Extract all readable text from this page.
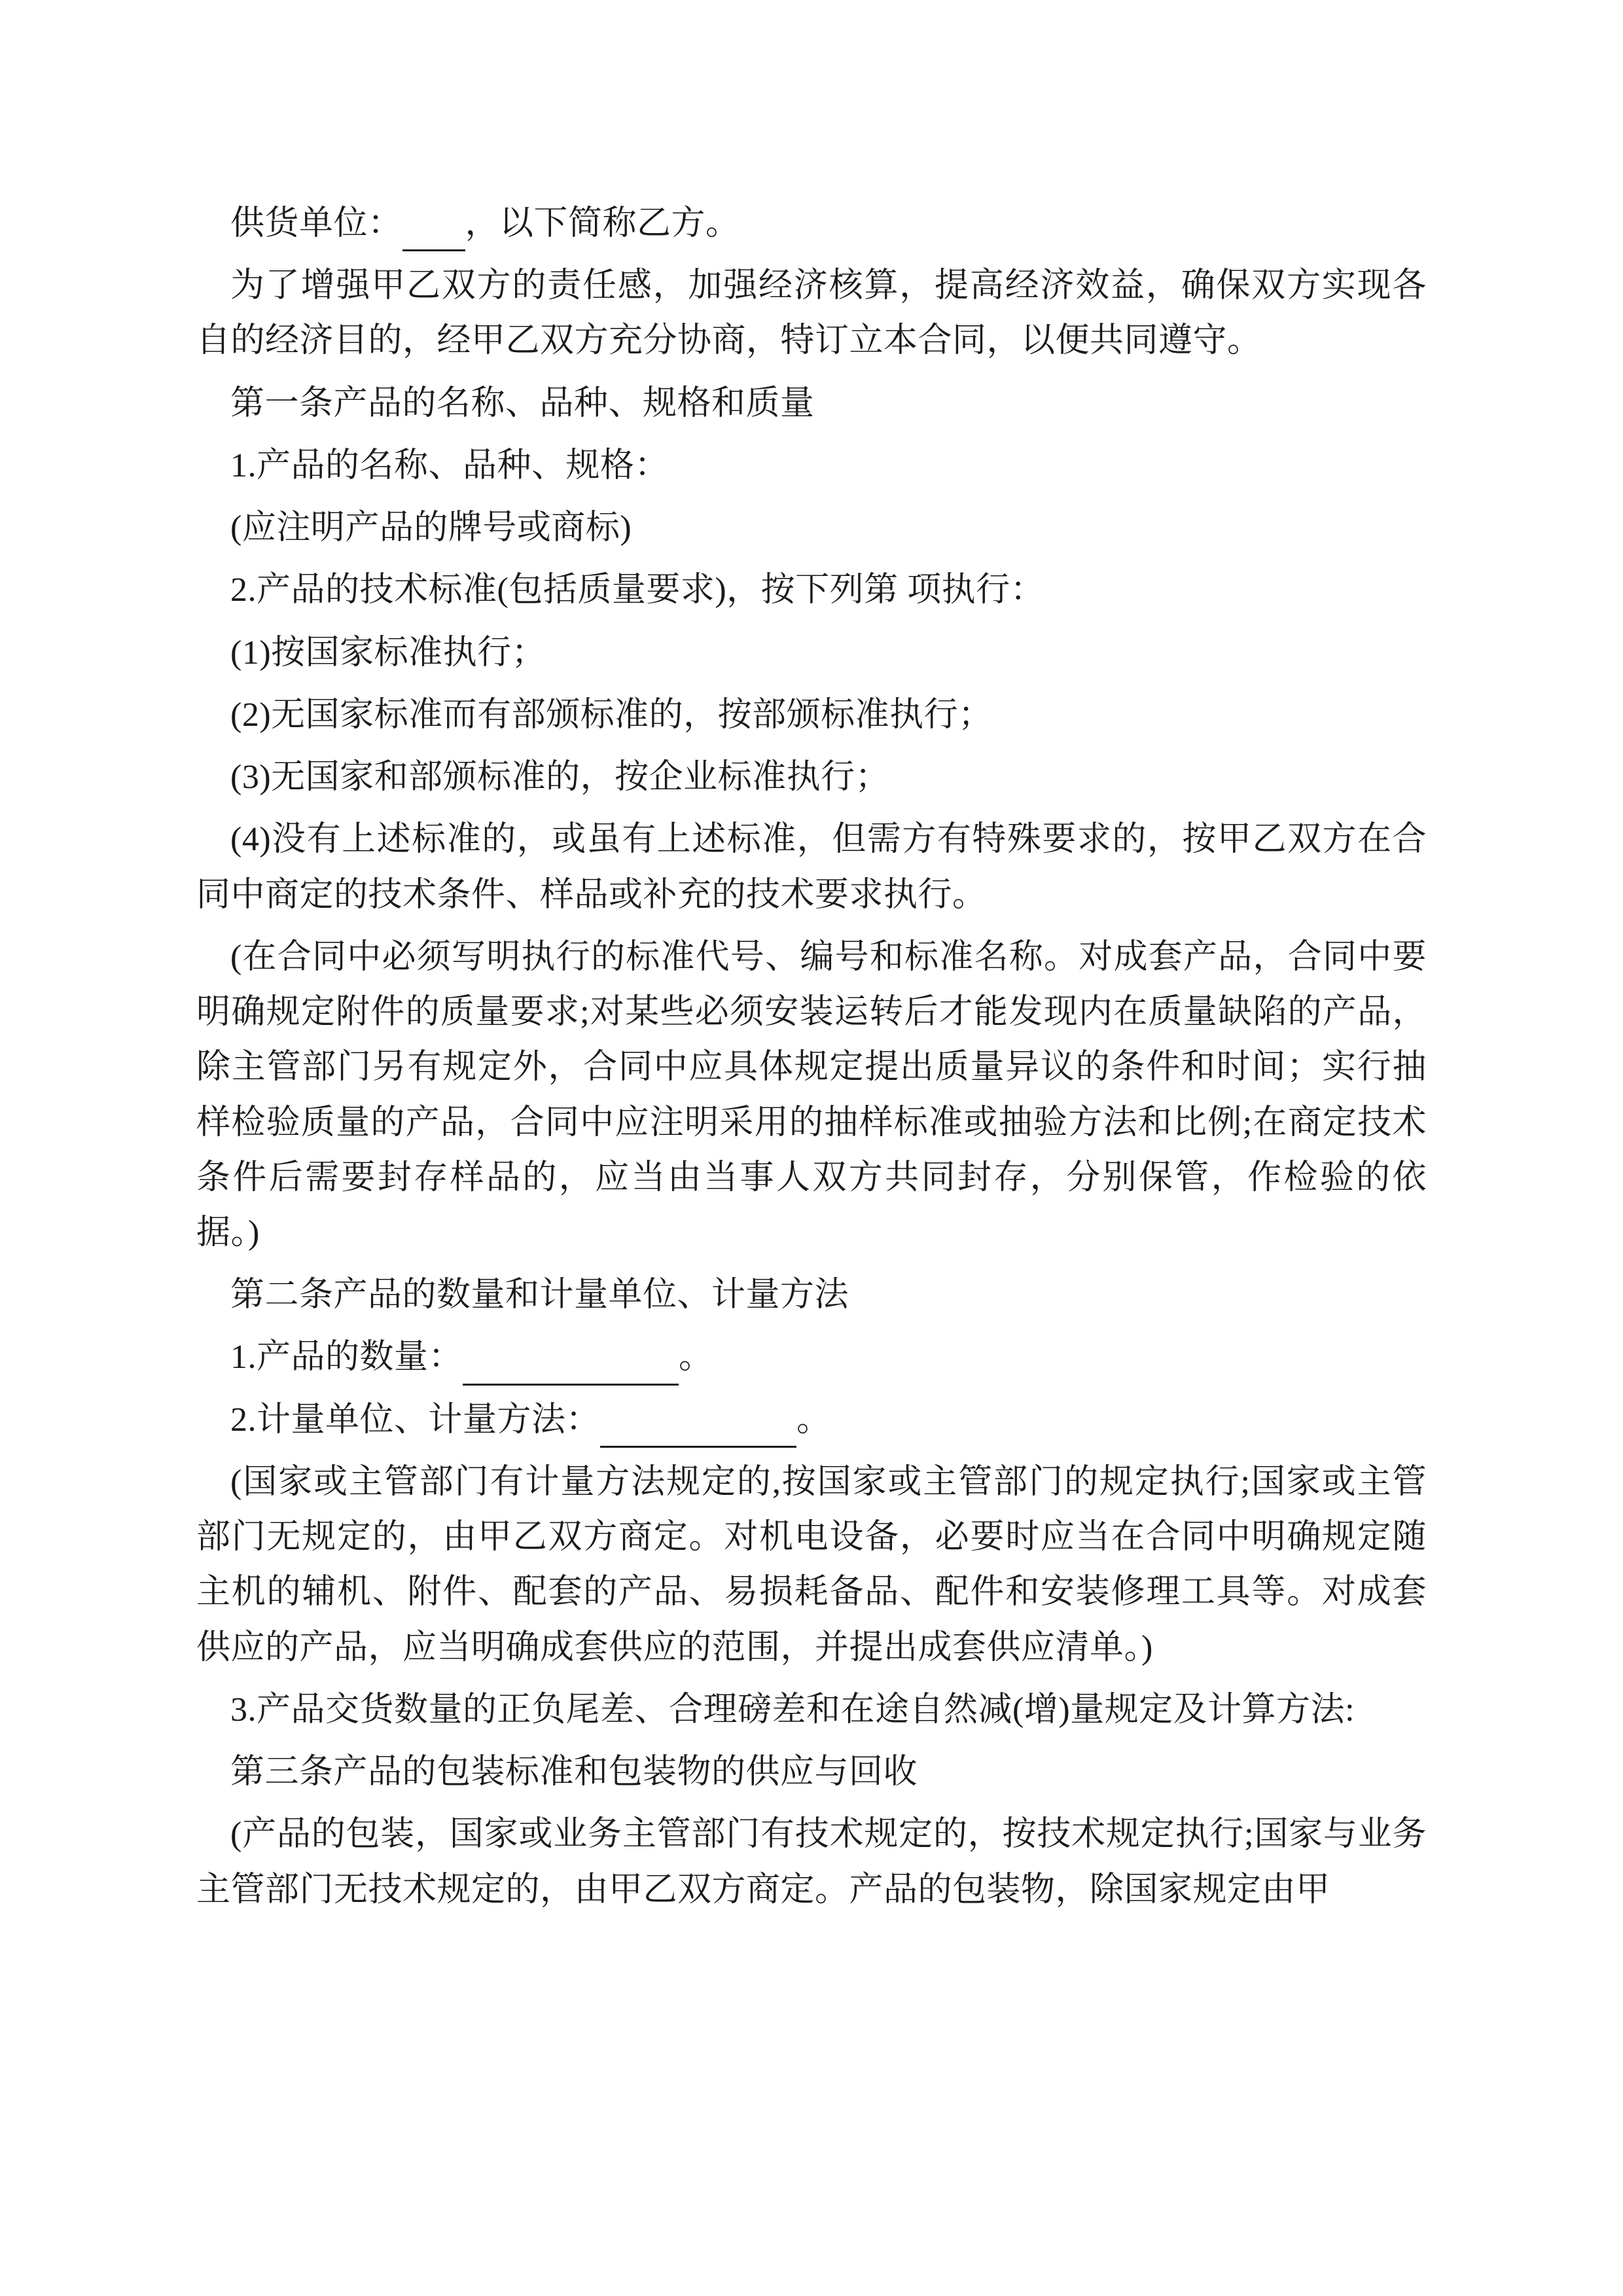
供货单位： ，以下简称乙方。

为了增强甲乙双方的责任感，加强经济核算，提高经济效益，确保双方实现各自的经济目的，经甲乙双方充分协商，特订立本合同，以便共同遵守。

第一条产品的名称、品种、规格和质量

1.产品的名称、品种、规格：

(应注明产品的牌号或商标)

2.产品的技术标准(包括质量要求)，按下列第 项执行：

(1)按国家标准执行；

(2)无国家标准而有部颁标准的，按部颁标准执行；

(3)无国家和部颁标准的，按企业标准执行；

(4)没有上述标准的，或虽有上述标准，但需方有特殊要求的，按甲乙双方在合同中商定的技术条件、样品或补充的技术要求执行。

(在合同中必须写明执行的标准代号、编号和标准名称。对成套产品，合同中要明确规定附件的质量要求;对某些必须安装运转后才能发现内在质量缺陷的产品，除主管部门另有规定外，合同中应具体规定提出质量异议的条件和时间；实行抽样检验质量的产品，合同中应注明采用的抽样标准或抽验方法和比例;在商定技术条件后需要封存样品的，应当由当事人双方共同封存，分别保管，作检验的依据。)

第二条产品的数量和计量单位、计量方法

1.产品的数量：	。

2.计量单位、计量方法：	。

(国家或主管部门有计量方法规定的,按国家或主管部门的规定执行;国家或主管部门无规定的，由甲乙双方商定。对机电设备，必要时应当在合同中明确规定随主机的辅机、附件、配套的产品、易损耗备品、配件和安装修理工具等。对成套供应的产品，应当明确成套供应的范围，并提出成套供应清单。)

3.产品交货数量的正负尾差、合理磅差和在途自然减(增)量规定及计算方法:

第三条产品的包装标准和包装物的供应与回收

(产品的包装，国家或业务主管部门有技术规定的，按技术规定执行;国家与业务主管部门无技术规定的，由甲乙双方商定。产品的包装物，除国家规定由甲
